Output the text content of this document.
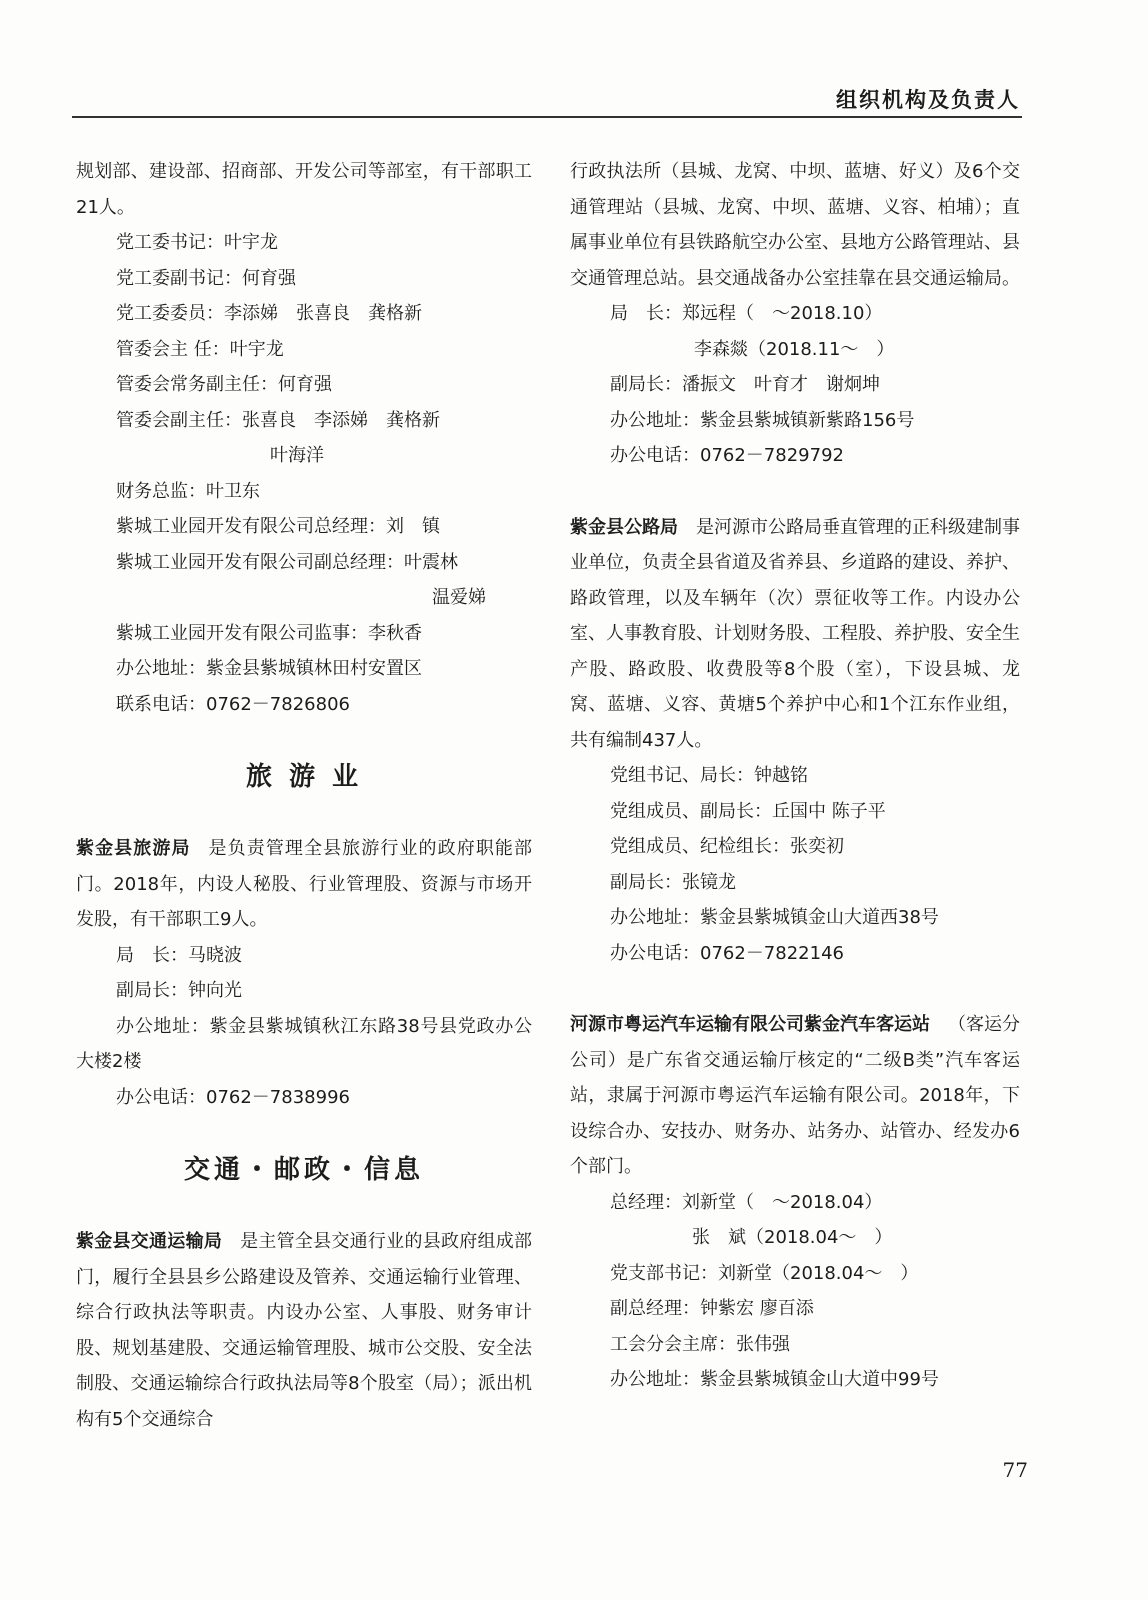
组织机构及负责人

规划部、建设部、招商部、开发公司等部室，有干部职工21人。

党工委书记：叶宇龙

党工委副书记：何育强

党工委委员：李添娣　张喜良　龚格新

管委会主 任：叶宇龙

管委会常务副主任：何育强

管委会副主任：张喜良　李添娣　龚格新

叶海洋

财务总监：叶卫东

紫城工业园开发有限公司总经理：刘　镇

紫城工业园开发有限公司副总经理：叶震林

温爱娣

紫城工业园开发有限公司监事：李秋香

办公地址：紫金县紫城镇林田村安置区

联系电话：0762－7826806

旅 游 业

紫金县旅游局 是负责管理全县旅游行业的政府职能部门。2018年，内设人秘股、行业管理股、资源与市场开发股，有干部职工9人。

局　长：马晓波

副局长：钟向光

办公地址：紫金县紫城镇秋江东路38号县党政办公大楼2楼

办公电话：0762－7838996

交通・邮政・信息

紫金县交通运输局 是主管全县交通行业的县政府组成部门，履行全县县乡公路建设及管养、交通运输行业管理、综合行政执法等职责。内设办公室、人事股、财务审计股、规划基建股、交通运输管理股、城市公交股、安全法制股、交通运输综合行政执法局等8个股室（局）；派出机构有5个交通综合

行政执法所（县城、龙窝、中坝、蓝塘、好义）及6个交通管理站（县城、龙窝、中坝、蓝塘、义容、柏埔）；直属事业单位有县铁路航空办公室、县地方公路管理站、县交通管理总站。县交通战备办公室挂靠在县交通运输局。

局　长：郑远程（　～2018.10）

李森燚（2018.11～　）

副局长：潘振文　叶育才　谢炯坤

办公地址：紫金县紫城镇新紫路156号

办公电话：0762－7829792

紫金县公路局 是河源市公路局垂直管理的正科级建制事业单位，负责全县省道及省养县、乡道路的建设、养护、路政管理，以及车辆年（次）票征收等工作。内设办公室、人事教育股、计划财务股、工程股、养护股、安全生产股、路政股、收费股等8个股（室），下设县城、龙窝、蓝塘、义容、黄塘5个养护中心和1个江东作业组，共有编制437人。

党组书记、局长：钟越铭

党组成员、副局长：丘国中 陈子平

党组成员、纪检组长：张奕初

副局长：张镜龙

办公地址：紫金县紫城镇金山大道西38号

办公电话：0762－7822146

河源市粤运汽车运输有限公司紫金汽车客运站 （客运分公司）是广东省交通运输厅核定的“二级B类”汽车客运站，隶属于河源市粤运汽车运输有限公司。2018年，下设综合办、安技办、财务办、站务办、站管办、经发办6个部门。

总经理：刘新堂（　～2018.04）

张　斌（2018.04～　）

党支部书记：刘新堂（2018.04～　）

副总经理：钟紫宏 廖百添

工会分会主席：张伟强

办公地址：紫金县紫城镇金山大道中99号

77
